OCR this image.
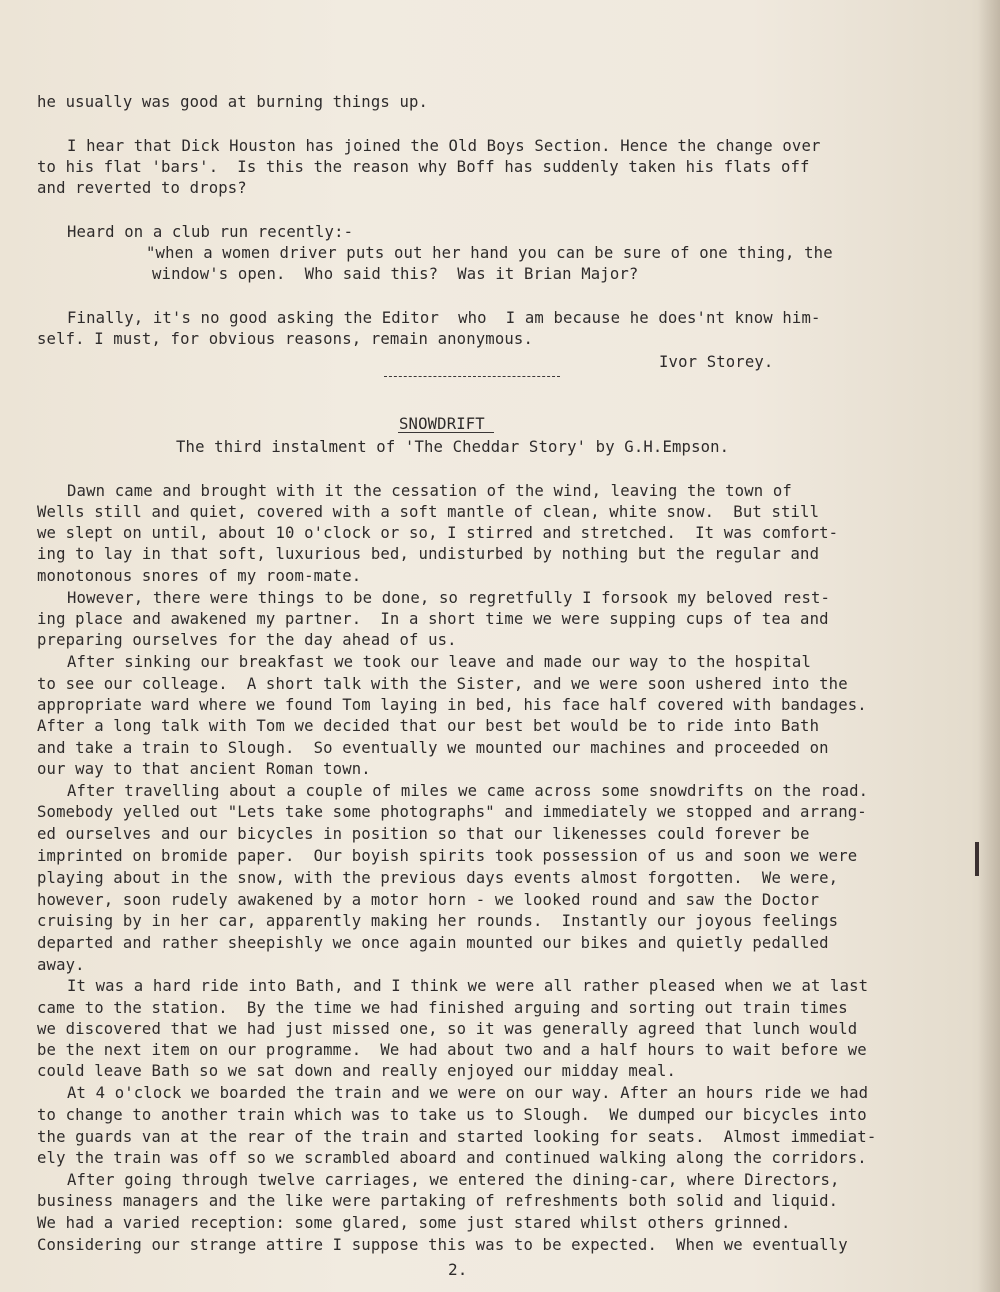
he usually was good at burning things up.
I hear that Dick Houston has joined the Old Boys Section. Hence the change over
to his flat 'bars'.  Is this the reason why Boff has suddenly taken his flats off
and reverted to drops?
Heard on a club run recently:-
"when a women driver puts out her hand you can be sure of one thing, the
window's open.  Who said this?  Was it Brian Major?
Finally, it's no good asking the Editor  who  I am because he does'nt know him-
self. I must, for obvious reasons, remain anonymous.
Ivor Storey.
SNOWDRIFT
The third instalment of 'The Cheddar Story' by G.H.Empson.
Dawn came and brought with it the cessation of the wind, leaving the town of
Wells still and quiet, covered with a soft mantle of clean, white snow.  But still
we slept on until, about 10 o'clock or so, I stirred and stretched.  It was comfort-
ing to lay in that soft, luxurious bed, undisturbed by nothing but the regular and
monotonous snores of my room-mate.
However, there were things to be done, so regretfully I forsook my beloved rest-
ing place and awakened my partner.  In a short time we were supping cups of tea and
preparing ourselves for the day ahead of us.
After sinking our breakfast we took our leave and made our way to the hospital
to see our colleage.  A short talk with the Sister, and we were soon ushered into the
appropriate ward where we found Tom laying in bed, his face half covered with bandages.
After a long talk with Tom we decided that our best bet would be to ride into Bath
and take a train to Slough.  So eventually we mounted our machines and proceeded on
our way to that ancient Roman town.
After travelling about a couple of miles we came across some snowdrifts on the road.
Somebody yelled out "Lets take some photographs" and immediately we stopped and arrang-
ed ourselves and our bicycles in position so that our likenesses could forever be
imprinted on bromide paper.  Our boyish spirits took possession of us and soon we were
playing about in the snow, with the previous days events almost forgotten.  We were,
however, soon rudely awakened by a motor horn - we looked round and saw the Doctor
cruising by in her car, apparently making her rounds.  Instantly our joyous feelings
departed and rather sheepishly we once again mounted our bikes and quietly pedalled
away.
It was a hard ride into Bath, and I think we were all rather pleased when we at last
came to the station.  By the time we had finished arguing and sorting out train times
we discovered that we had just missed one, so it was generally agreed that lunch would
be the next item on our programme.  We had about two and a half hours to wait before we
could leave Bath so we sat down and really enjoyed our midday meal.
At 4 o'clock we boarded the train and we were on our way. After an hours ride we had
to change to another train which was to take us to Slough.  We dumped our bicycles into
the guards van at the rear of the train and started looking for seats.  Almost immediat-
ely the train was off so we scrambled aboard and continued walking along the corridors.
After going through twelve carriages, we entered the dining-car, where Directors,
business managers and the like were partaking of refreshments both solid and liquid.
We had a varied reception: some glared, some just stared whilst others grinned.
Considering our strange attire I suppose this was to be expected.  When we eventually
2.
